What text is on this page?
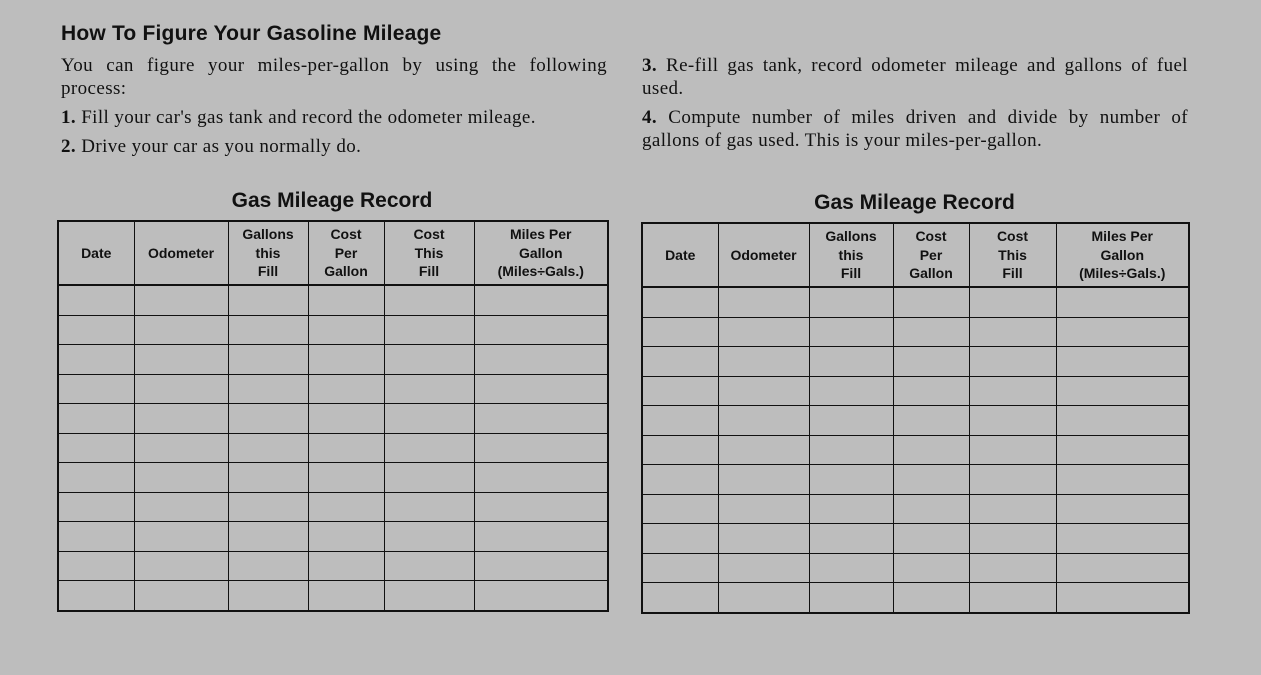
How To Figure Your Gasoline Mileage

You can figure your miles-per-gallon by using the following process:

1. Fill your car's gas tank and record the odometer mileage.

2. Drive your car as you normally do.

3. Re-fill gas tank, record odometer mileage and gallons of fuel used.

4. Compute number of miles driven and divide by number of gallons of gas used. This is your miles-per-gallon.

Gas Mileage Record
Date	Odometer	Gallons
this
Fill	Cost
Per
Gallon	Cost
This
Fill	Miles Per
Gallon
(Miles÷Gals.)

Gas Mileage Record
Date	Odometer	Gallons
this
Fill	Cost
Per
Gallon	Cost
This
Fill	Miles Per
Gallon
(Miles÷Gals.)
